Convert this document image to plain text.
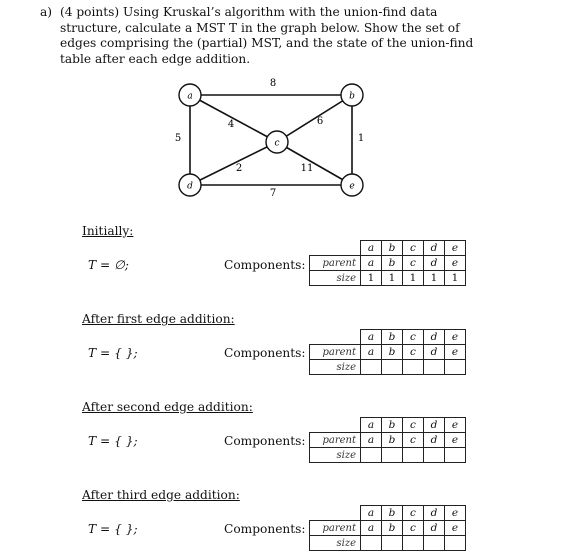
a) (4 points) Using Kruskal’s algorithm with the union-find data structure, calculate a MST T in the graph below. Show the set of edges comprising the (partial) MST, and the state of the union-find table after each edge addition.
8
5
4	6
1
2	11
7
a	b
c
d	e
Initially:
T = ∅;	Components:
	a	b	c	d	e
parent	a	b	c	d	e
size	1	1	1	1	1
After first edge addition:
T = { };	Components:
	a	b	c	d	e
parent	a	b	c	d	e
size					
After second edge addition:
T = { };	Components:
	a	b	c	d	e
parent	a	b	c	d	e
size					
After third edge addition:
T = { };	Components:
	a	b	c	d	e
parent	a	b	c	d	e
size					
